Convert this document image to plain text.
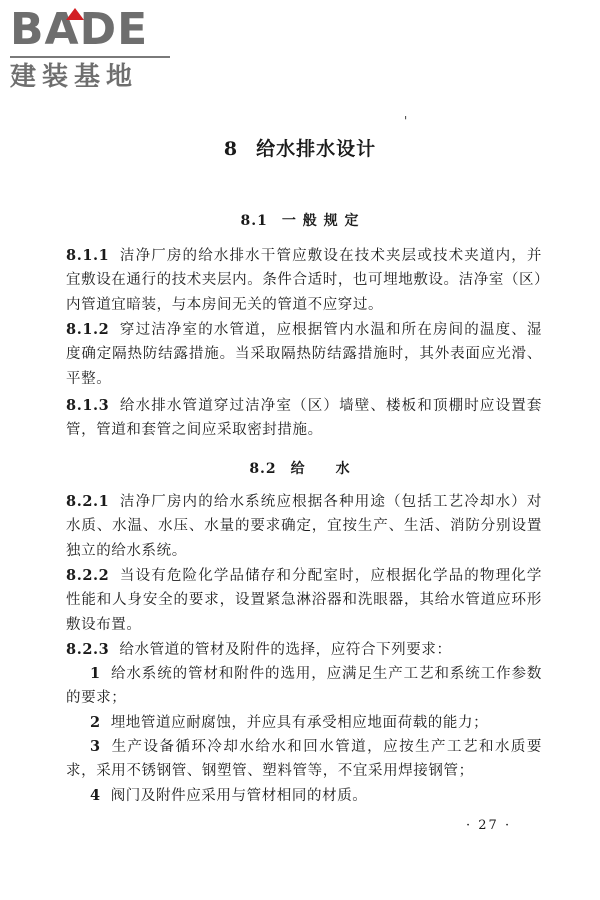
BADE
建装基地
'
8 给水排水设计
8.1 一 般 规 定

8.1.1 洁净厂房的给水排水干管应敷设在技术夹层或技术夹道内，并宜敷设在通行的技术夹层内。条件合适时，也可埋地敷设。洁净室（区）内管道宜暗装，与本房间无关的管道不应穿过。

8.1.2 穿过洁净室的水管道，应根据管内水温和所在房间的温度、湿度确定隔热防结露措施。当采取隔热防结露措施时，其外表面应光滑、平整。

8.1.3 给水排水管道穿过洁净室（区）墙壁、楼板和顶棚时应设置套管，管道和套管之间应采取密封措施。

8.2 给　　水

8.2.1 洁净厂房内的给水系统应根据各种用途（包括工艺冷却水）对水质、水温、水压、水量的要求确定，宜按生产、生活、消防分别设置独立的给水系统。

8.2.2 当设有危险化学品储存和分配室时，应根据化学品的物理化学性能和人身安全的要求，设置紧急淋浴器和洗眼器，其给水管道应环形敷设布置。

8.2.3 给水管道的管材及附件的选择，应符合下列要求：

1 给水系统的管材和附件的选用，应满足生产工艺和系统工作参数的要求；

2 埋地管道应耐腐蚀，并应具有承受相应地面荷载的能力；

3 生产设备循环冷却水给水和回水管道，应按生产工艺和水质要求，采用不锈钢管、钢塑管、塑料管等，不宜采用焊接钢管；

4 阀门及附件应采用与管材相同的材质。

· 27 ·
